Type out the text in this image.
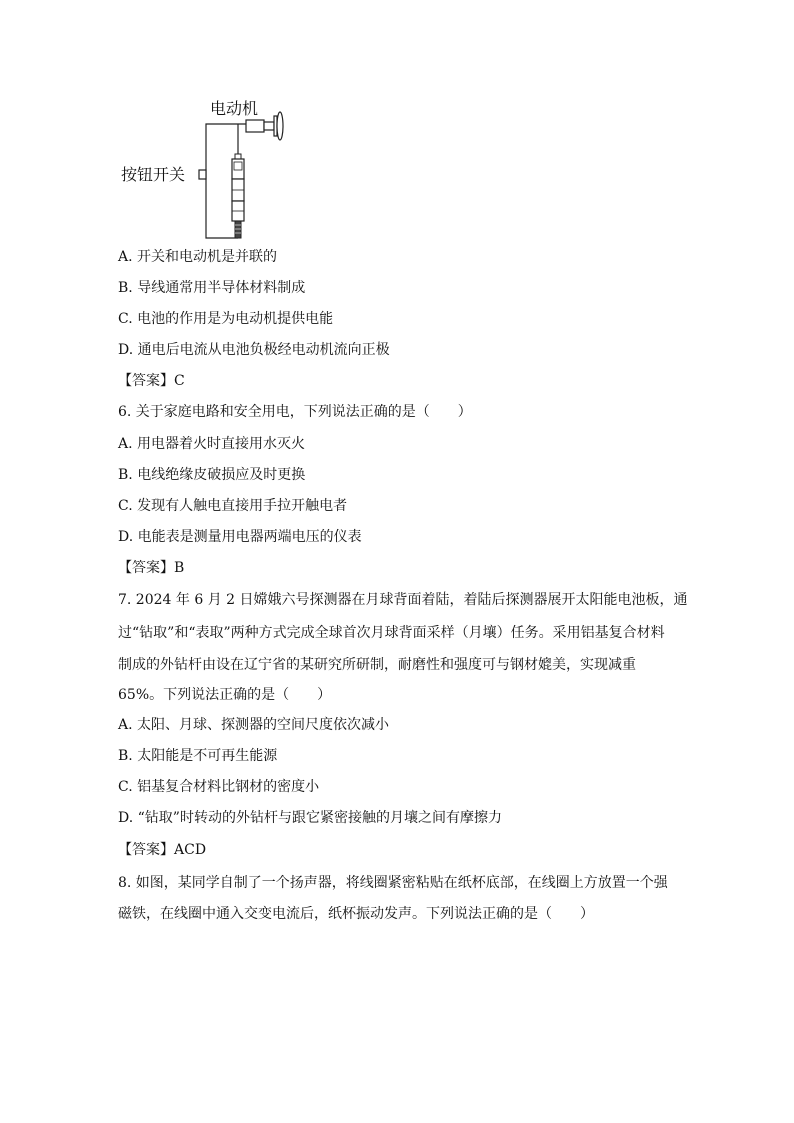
电动机
按钮开关
A. 开关和电动机是并联的
B. 导线通常用半导体材料制成
C. 电池的作用是为电动机提供电能
D. 通电后电流从电池负极经电动机流向正极
【答案】C
6. 关于家庭电路和安全用电，下列说法正确的是（　　）
A. 用电器着火时直接用水灭火
B. 电线绝缘皮破损应及时更换
C. 发现有人触电直接用手拉开触电者
D. 电能表是测量用电器两端电压的仪表
【答案】B
7. 2024 年 6 月 2 日嫦娥六号探测器在月球背面着陆，着陆后探测器展开太阳能电池板，通
过“钻取”和“表取”两种方式完成全球首次月球背面采样（月壤）任务。采用铝基复合材料
制成的外钻杆由设在辽宁省的某研究所研制，耐磨性和强度可与钢材媲美，实现减重
65%。下列说法正确的是（　　）
A. 太阳、月球、探测器的空间尺度依次减小
B. 太阳能是不可再生能源
C. 铝基复合材料比钢材的密度小
D. “钻取”时转动的外钻杆与跟它紧密接触的月壤之间有摩擦力
【答案】ACD
8. 如图，某同学自制了一个扬声器，将线圈紧密粘贴在纸杯底部，在线圈上方放置一个强
磁铁，在线圈中通入交变电流后，纸杯振动发声。下列说法正确的是（　　）
